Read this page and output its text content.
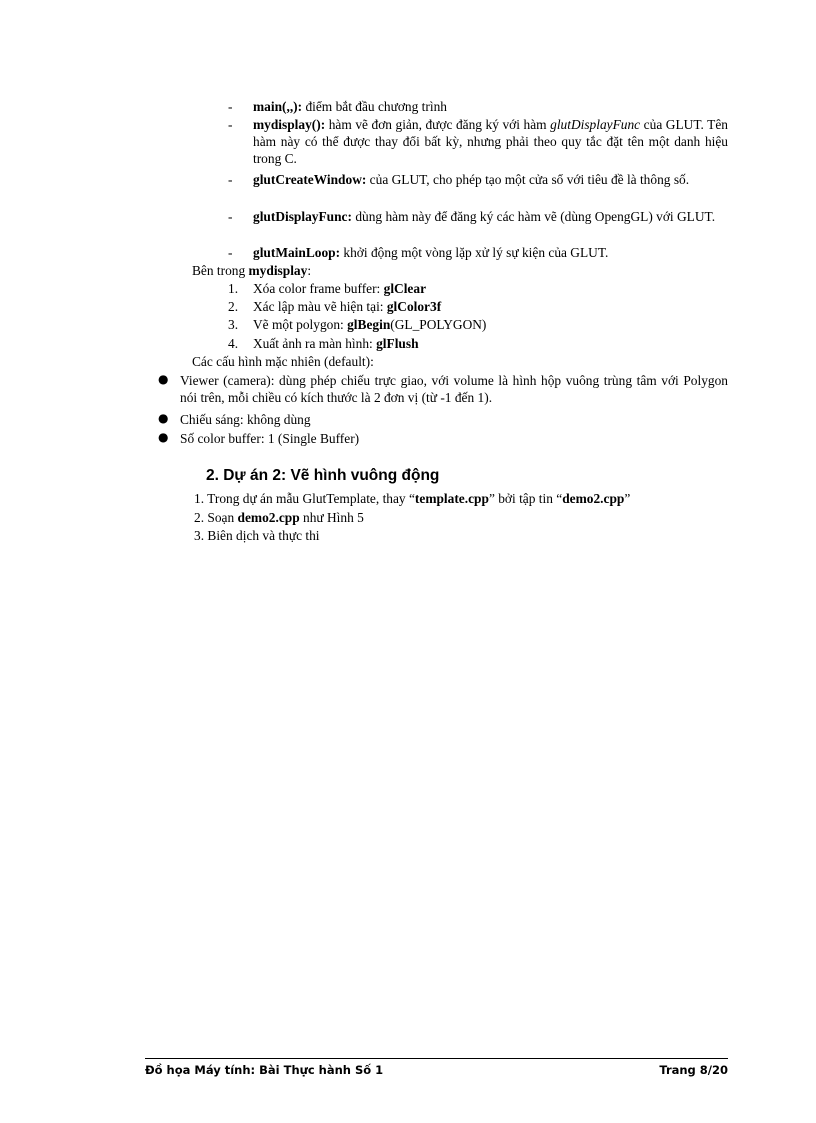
- main(,,): điểm bắt đầu chương trình
- mydisplay(): hàm vẽ đơn giản, được đăng ký với hàm glutDisplayFunc của GLUT. Tên hàm này có thể được thay đổi bất kỳ, nhưng phải theo quy tắc đặt tên một danh hiệu trong C.
- glutCreateWindow: của GLUT, cho phép tạo một cửa sổ với tiêu đề là thông số.
- glutDisplayFunc: dùng hàm này để đăng ký các hàm vẽ (dùng OpengGL) với GLUT.
- glutMainLoop: khởi động một vòng lặp xử lý sự kiện của GLUT.
Bên trong mydisplay:
1. Xóa color frame buffer: glClear
2. Xác lập màu vẽ hiện tại: glColor3f
3. Vẽ một polygon: glBegin(GL_POLYGON)
4. Xuất ảnh ra màn hình: glFlush
Các cấu hình mặc nhiên (default):
● Viewer (camera): dùng phép chiếu trực giao, với volume là hình hộp vuông trùng tâm với Polygon nói trên, mỗi chiều có kích thước là 2 đơn vị (từ -1 đến 1).
● Chiếu sáng: không dùng
● Số color buffer: 1 (Single Buffer)
2. Dự án 2: Vẽ hình vuông động
1. Trong dự án mẫu GlutTemplate, thay “template.cpp” bởi tập tin “demo2.cpp”
2. Soạn demo2.cpp như Hình 5
3. Biên dịch và thực thi
Đồ họa Máy tính: Bài Thực hành Số 1	Trang 8/20
